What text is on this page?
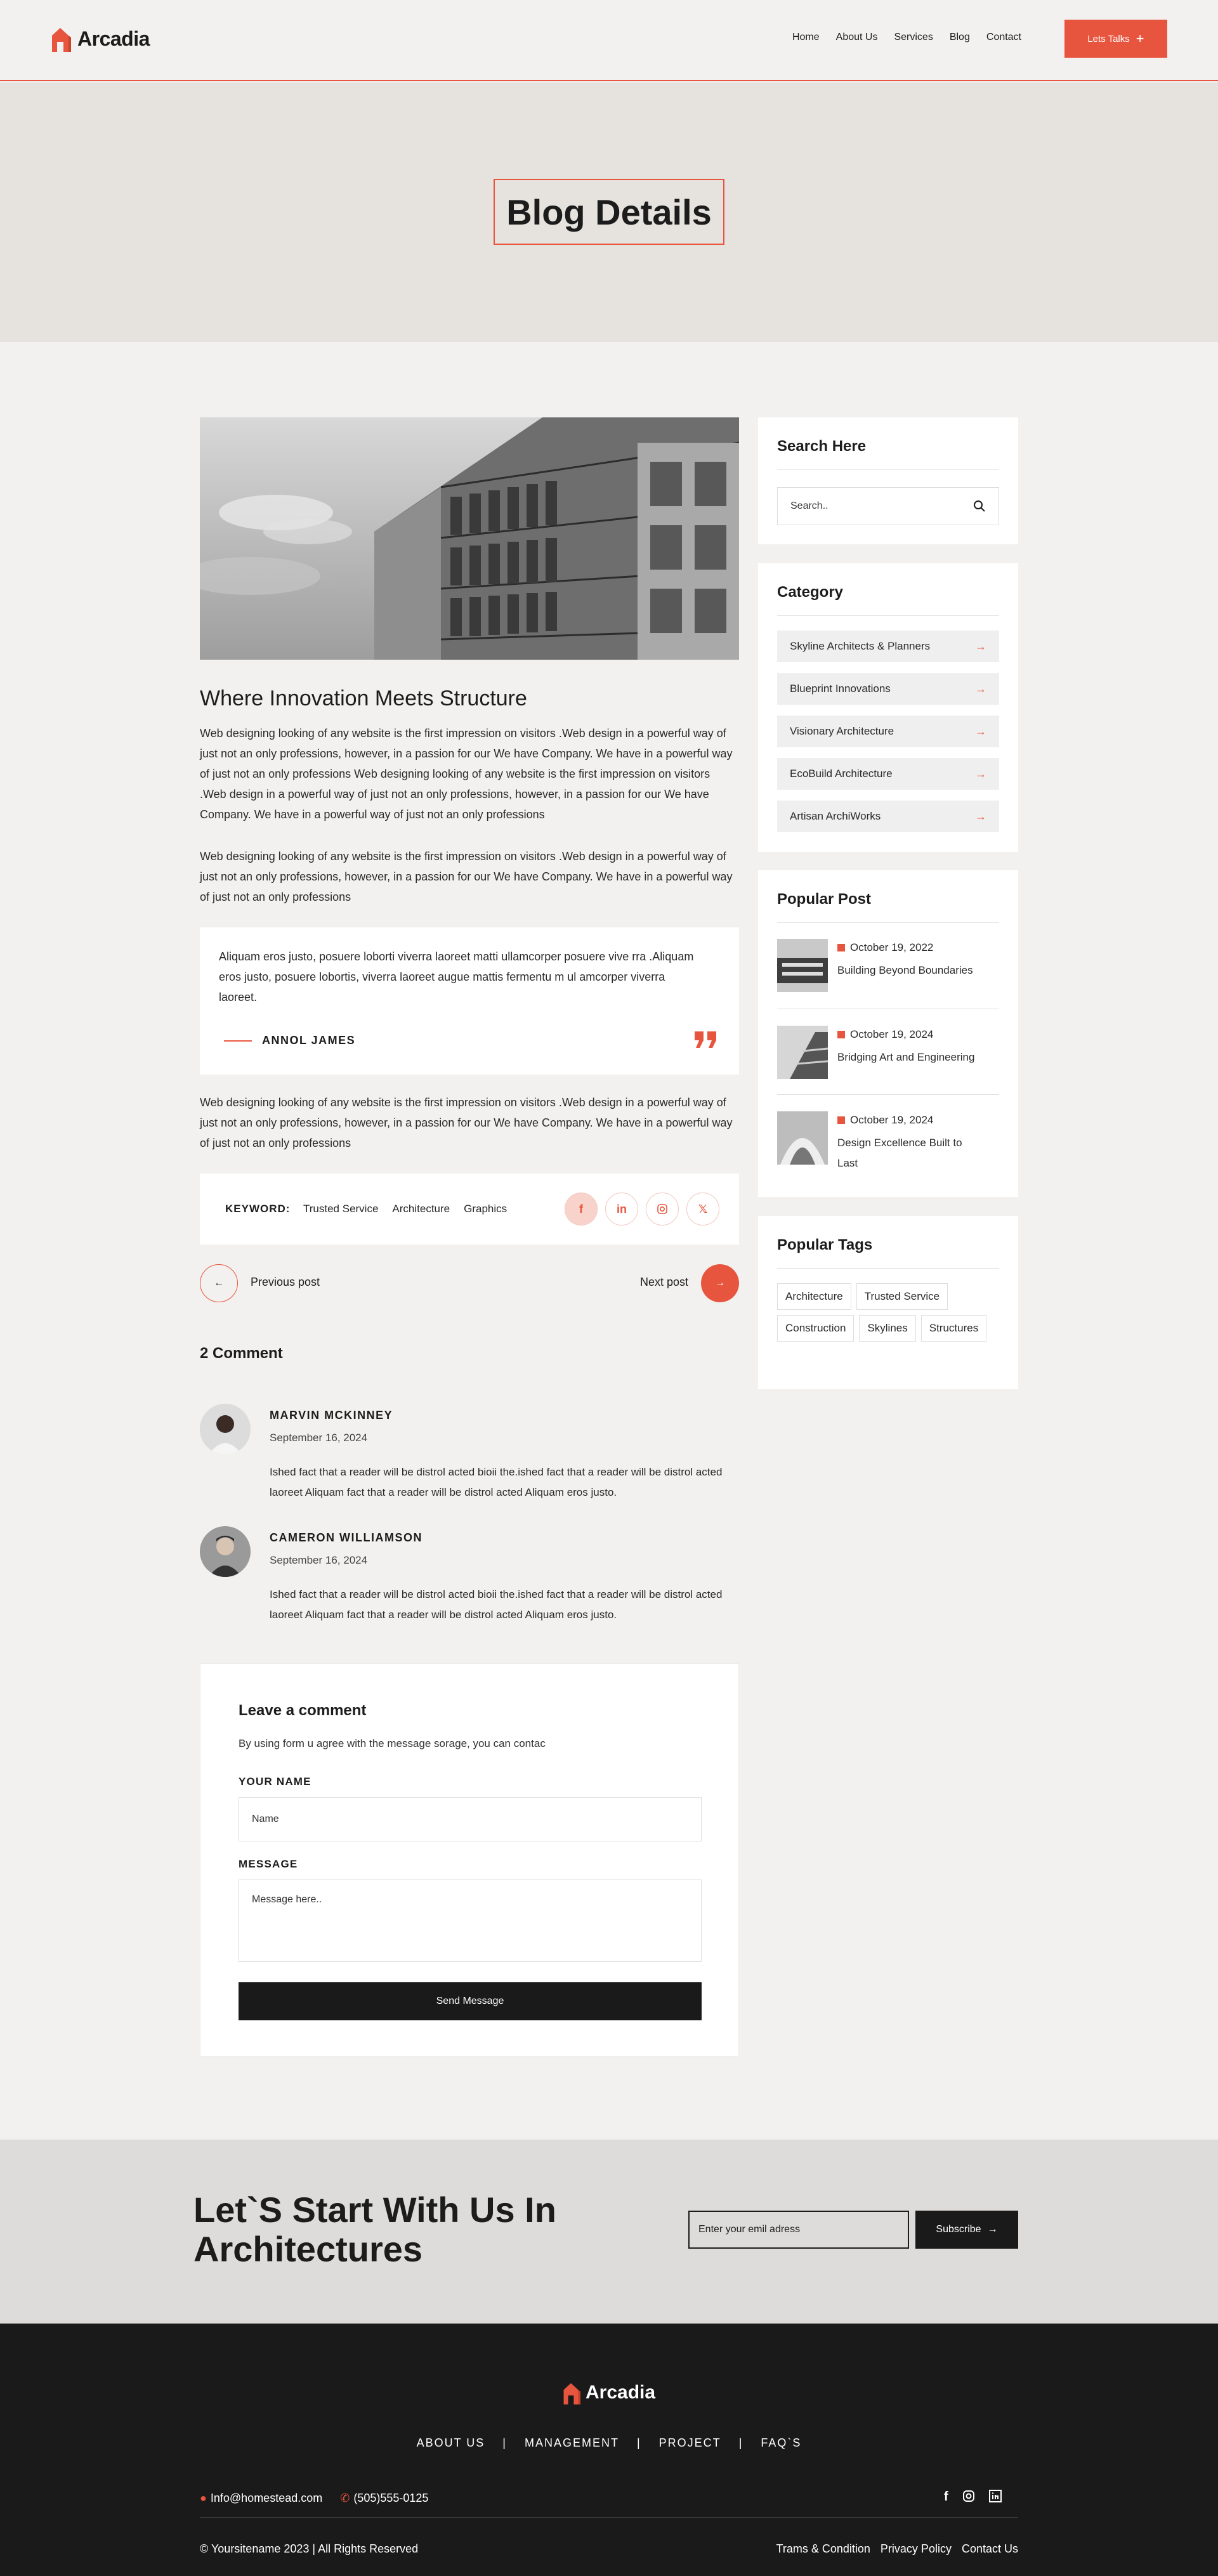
Arcadia	Home About Us Services Blog Contact	Lets Talks +
Blog Details
Where Innovation Meets Structure

Web designing looking of any website is the first impression on visitors .Web design in a powerful way of just not an only professions, however, in a passion for our We have Company. We have in a powerful way of just not an only professions Web designing looking of any website is the first impression on visitors .Web design in a powerful way of just not an only professions, however, in a passion for our We have Company. We have in a powerful way of just not an only professions

Web designing looking of any website is the first impression on visitors .Web design in a powerful way of just not an only professions, however, in a passion for our We have Company. We have in a powerful way of just not an only professions

Aliquam eros justo, posuere loborti viverra laoreet matti ullamcorper posuere vive rra .Aliquam eros justo, posuere lobortis, viverra laoreet augue mattis fermentu m ul amcorper viverra laoreet.

ANNOL JAMES

Web designing looking of any website is the first impression on visitors .Web design in a powerful way of just not an only professions, however, in a passion for our We have Company. We have in a powerful way of just not an only professions

KEYWORD: Trusted Service Architecture Graphics	f	in	𝕏
← Previous post	Next post	→
2 Comment
MARVIN MCKINNEY
September 16, 2024

Ished fact that a reader will be distrol acted bioii the.ished fact that a reader will be distrol acted laoreet Aliquam fact that a reader will be distrol acted Aliquam eros justo.

CAMERON WILLIAMSON
September 16, 2024

Ished fact that a reader will be distrol acted bioii the.ished fact that a reader will be distrol acted laoreet Aliquam fact that a reader will be distrol acted Aliquam eros justo.

Leave a comment

By using form u agree with the message sorage, you can contac

YOUR NAME
Name
MESSAGE
Message here..
Send Message
Search Here
Search..
Category
Skyline Architects & Planners	→
Blueprint Innovations	→
Visionary Architecture	→
EcoBuild Architecture	→
Artisan ArchiWorks	→
Popular Post
October 19, 2022
Building Beyond Boundaries
October 19, 2024
Bridging Art and Engineering
October 19, 2024
Design Excellence Built to Last
Popular Tags
Architecture	Trusted Service
Construction	Skylines	Structures
Let`S Start With Us In Architectures	Enter your emil adress	Subscribe →
Arcadia
ABOUT US | MANAGEMENT | PROJECT | FAQ`S
● Info@homestead.com ✆ (505)555-0125	f
© Yoursitename 2023 | All Rights Reserved	Trams & Condition Privacy Policy Contact Us
